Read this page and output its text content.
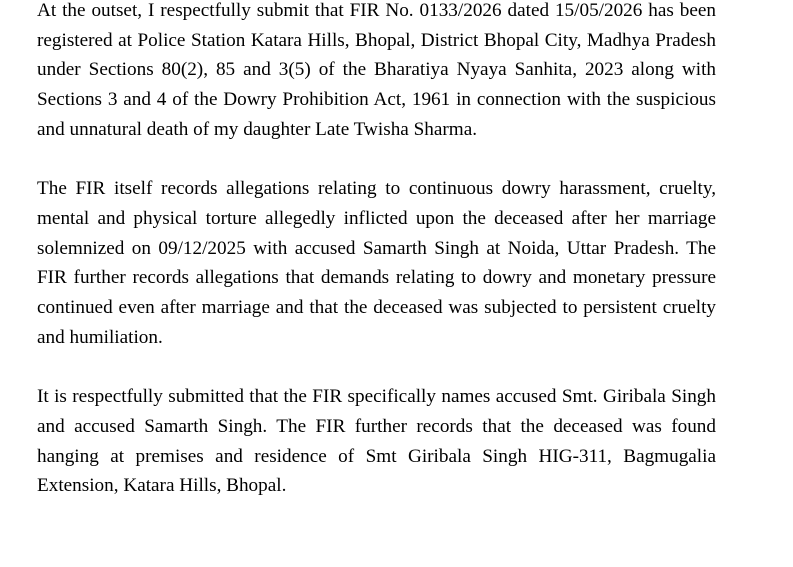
At the outset, I respectfully submit that FIR No. 0133/2026 dated 15/05/2026 has been registered at Police Station Katara Hills, Bhopal, District Bhopal City, Madhya Pradesh under Sections 80(2), 85 and 3(5) of the Bharatiya Nyaya Sanhita, 2023 along with Sections 3 and 4 of the Dowry Prohibition Act, 1961 in connection with the suspicious and unnatural death of my daughter Late Twisha Sharma.

The FIR itself records allegations relating to continuous dowry harassment, cruelty, mental and physical torture allegedly inflicted upon the deceased after her marriage solemnized on 09/12/2025 with accused Samarth Singh at Noida, Uttar Pradesh. The FIR further records allegations that demands relating to dowry and monetary pressure continued even after marriage and that the deceased was subjected to persistent cruelty and humiliation.

It is respectfully submitted that the FIR specifically names accused Smt. Giribala Singh and accused Samarth Singh. The FIR further records that the deceased was found hanging at premises and residence of Smt Giribala Singh HIG-311, Bagmugalia Extension, Katara Hills, Bhopal.
